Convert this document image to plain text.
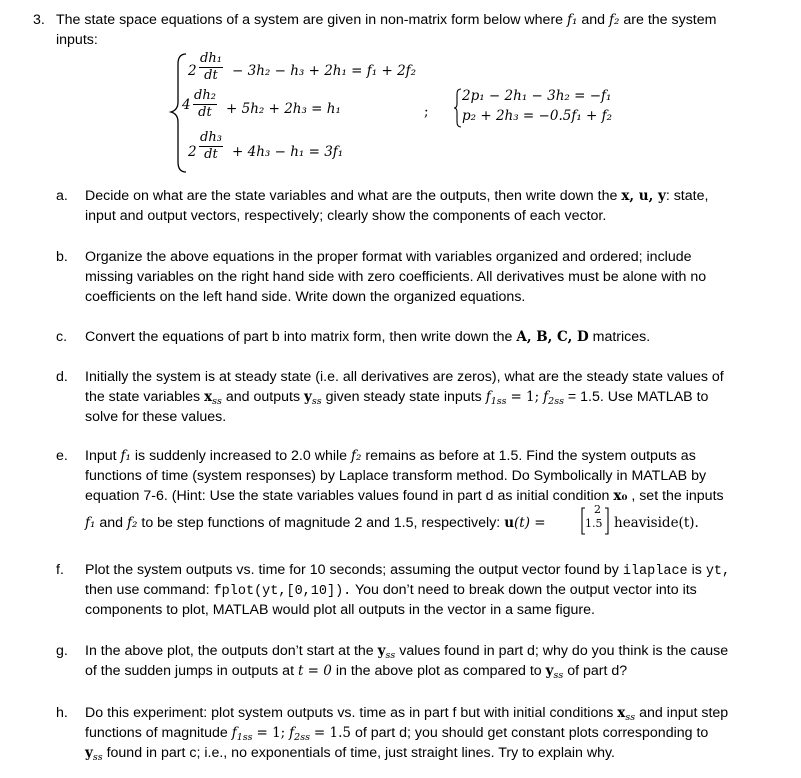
3. The state space equations of a system are given in non-matrix form below where f₁ and f₂ are the system
inputs:
$2 \frac{\text{dh₁}}{dt} - 3h_2 - h_3 + 2h_1 = f_1 + 2f_2$
$4 \frac{\text{dh₂}}{dt} + 5h_2 + 2h_3 = h_1$
$2 \frac{\text{dh₃}}{dt} + 4h_3 - h_1 = 3f_1$
;
2p₁ − 2h₁ − 3h₂ = −f₁
p₂ + 2h₃ = −0.5f₁ + f₂
a. Decide on what are the state variables and what are the outputs, then write down the x, u, y: state,
input and output vectors, respectively; clearly show the components of each vector.
b. Organize the above equations in the proper format with variables organized and ordered; include
missing variables on the right hand side with zero coefficients. All derivatives must be alone with no
coefficients on the left hand side. Write down the organized equations.
c. Convert the equations of part b into matrix form, then write down the A, B, C, D matrices.
d. Initially the system is at steady state (i.e. all derivatives are zeros), what are the steady state values of
the state variables $x_{ss}$ and outputs $y_{ss}$ given steady state inputs $f_{1ss} = 1$; $f_{2ss} = 1.5$. Use MATLAB to
solve for these values.
e. Input f₁ is suddenly increased to 2.0 while f₂ remains as before at 1.5. Find the system outputs as
functions of time (system responses) by Laplace transform method. Do Symbolically in MATLAB by
equation 7-6. (Hint: Use the state variables values found in part d as initial condition x₀ , set the inputs
f₁ and f₂ to be step functions of magnitude 2 and 1.5, respectively: u(t) =
2
1.5 heaviside(t).
f. Plot the system outputs vs. time for 10 seconds; assuming the output vector found by ilaplace is yt,
then use command: fplot(yt,[0,10]). You don’t need to break down the output vector into its
components to plot, MATLAB would plot all outputs in the vector in a same figure.
g. In the above plot, the outputs don’t start at the $y_{ss}$ values found in part d; why do you think is the cause
of the sudden jumps in outputs at t = 0 in the above plot as compared to $y_{ss}$ of part d?
h. Do this experiment: plot system outputs vs. time as in part f but with initial conditions $x_{ss}$ and input step
functions of magnitude $f_{1ss} = 1$; $f_{2ss} = 1.5$ of part d; you should get constant plots corresponding to
$y_{ss}$ found in part c; i.e., no exponentials of time, just straight lines. Try to explain why.
